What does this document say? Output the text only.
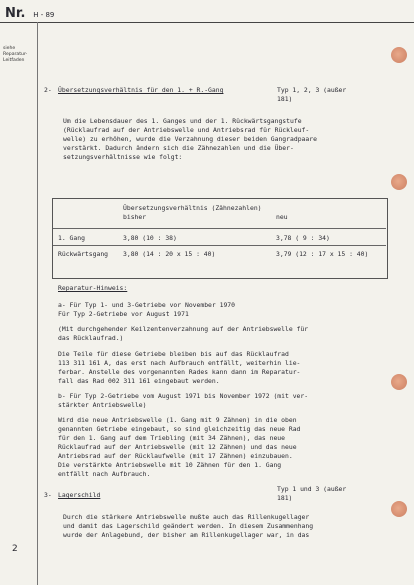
Nr. H - 89
siehe
Reparatur-
Leitfaden
2- Übersetzungsverhältnis für den 1. + R.-Gang	Typ 1, 2, 3 (außer
181)
Um die Lebensdauer des 1. Ganges und der 1. Rückwärtsgangstufe
(Rücklaufrad auf der Antriebswelle und Antriebsrad für Rückleuf-
welle) zu erhöhen, wurde die Verzahnung dieser beiden Gangradpaare
verstärkt. Dadurch ändern sich die Zähnezahlen und die Über-
setzungsverhältnisse wie folgt:
Übersetzungsverhältnis (Zähnezahlen)
bisher	neu
1. Gang	3,80 (10 : 38)	3,78 ( 9 : 34)
Rückwärtsgang 3,80 (14 : 20 x 15 : 40)	3,79 (12 : 17 x 15 : 40)
Reparatur-Hinweis:
a- Für Typ 1- und 3-Getriebe vor November 1970
Für Typ 2-Getriebe vor August 1971
(Mit durchgehender Keilzentenverzahnung auf der Antriebswelle für
das Rücklaufrad.)
Die Teile für diese Getriebe bleiben bis auf das Rücklaufrad
113 311 161 A, das erst nach Aufbrauch entfällt, weiterhin lie-
ferbar. Anstelle des vorgenannten Rades kann dann im Reparatur-
fall das Rad 002 311 161 eingebaut werden.
b- Für Typ 2-Getriebe vom August 1971 bis November 1972 (mit ver-
stärkter Antriebswelle)
Wird die neue Antriebswelle (1. Gang mit 9 Zähnen) in die oben
genannten Getriebe eingebaut, so sind gleichzeitig das neue Rad
für den 1. Gang auf dem Triebling (mit 34 Zähnen), das neue
Rücklaufrad auf der Antriebswelle (mit 12 Zähnen) und das neue
Antriebsrad auf der Rücklaufwelle (mit 17 Zähnen) einzubauen.
Die verstärkte Antriebswelle mit 10 Zähnen für den 1. Gang
entfällt nach Aufbrauch.
3- Lagerschild
Typ 1 und 3 (außer
181)
Durch die stärkere Antriebswelle mußte auch das Rillenkugellager
und damit das Lagerschild geändert werden. In diesem Zusammenhang
wurde der Anlagebund, der bisher am Rillenkugellager war, in das
2
